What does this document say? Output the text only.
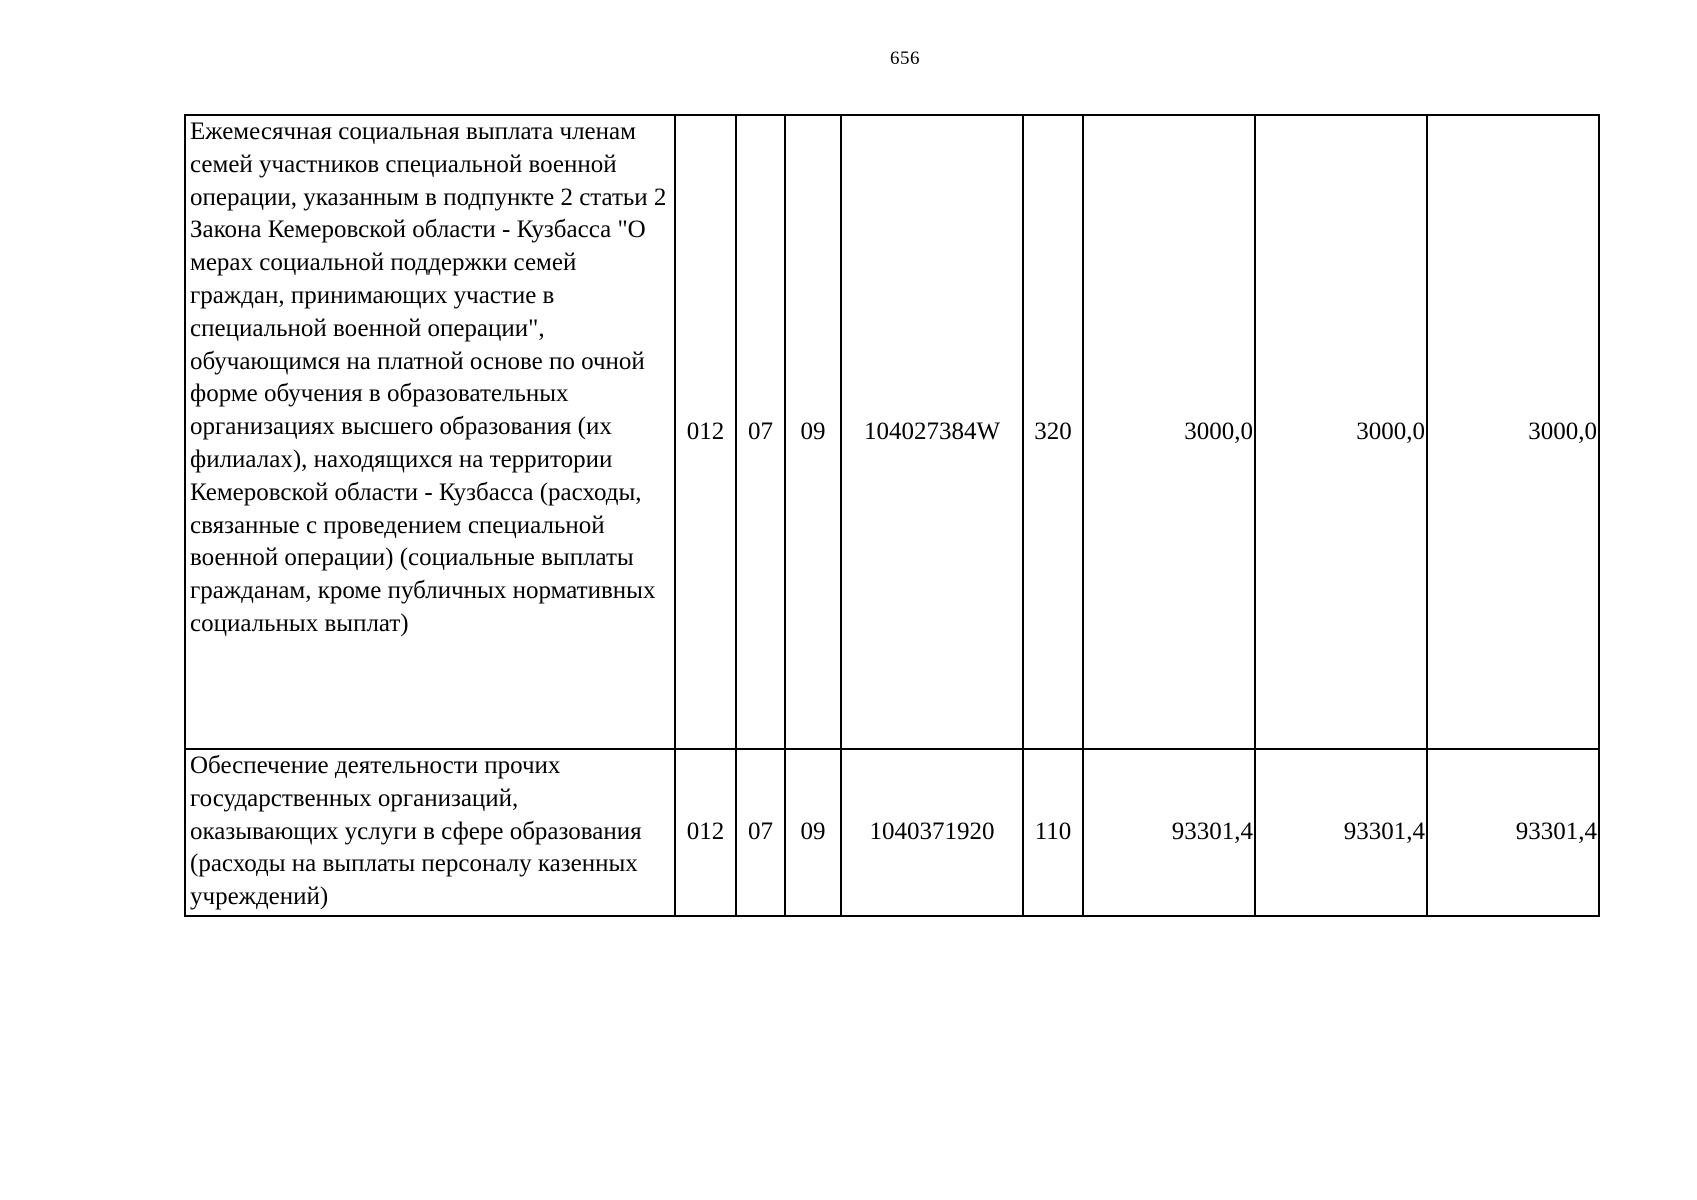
656
Ежемесячная социальная выплата членам семей участников специальной военной операции, указанным в подпункте 2 статьи 2 Закона Кемеровской области - Кузбасса "О мерах социальной поддержки семей граждан, принимающих участие в специальной военной операции", обучающимся на платной основе по очной форме обучения в образовательных организациях высшего образования (их филиалах), находящихся на территории Кемеровской области - Кузбасса (расходы, связанные с проведением специальной военной операции) (социальные выплаты гражданам, кроме публичных нормативных социальных выплат)	012	07	09	104027384W	320	3000,0	3000,0	3000,0
Обеспечение деятельности прочих государственных организаций, оказывающих услуги в сфере образования (расходы на выплаты персоналу казенных учреждений)	012	07	09	1040371920	110	93301,4	93301,4	93301,4
